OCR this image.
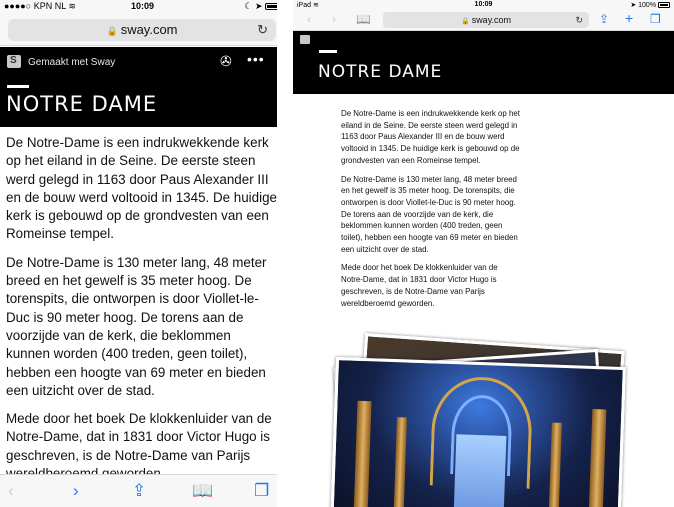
●●●●○ KPN NL ≋	10:09	☾ ➤
🔒 sway.com	↻
S
Gemaakt met Sway	✇ •••
NOTRE DAME

De Notre-Dame is een indrukwekkende kerk op het eiland in de Seine. De eerste steen werd gelegd in 1163 door Paus Alexander III en de bouw werd voltooid in 1345. De huidige kerk is gebouwd op de grondvesten van een Romeinse tempel.

De Notre-Dame is 130 meter lang, 48 meter breed en het gewelf is 35 meter hoog. De torenspits, die ontworpen is door Viollet-le-Duc is 90 meter hoog. De torens aan de voorzijde van de kerk, die beklommen kunnen worden (400 treden, geen toilet), hebben een hoogte van 69 meter en bieden een uitzicht over de stad.

Mede door het boek De klokkenluider van de Notre-Dame, dat in 1831 door Victor Hugo is geschreven, is de Notre-Dame van Parijs

‹	›	⇪	📖 ❐
iPad ≋	10:09	➤ 100%
‹ › 📖	🔒 sway.com	↻ ⇪ + ❐
NOTRE DAME

De Notre-Dame is een indrukwekkende kerk op het eiland in de Seine. De eerste steen werd gelegd in 1163 door Paus Alexander III en de bouw werd voltooid in 1345. De huidige kerk is gebouwd op de grondvesten van een Romeinse tempel.

De Notre-Dame is 130 meter lang, 48 meter breed en het gewelf is 35 meter hoog. De torenspits, die ontworpen is door Viollet-le-Duc is 90 meter hoog. De torens aan de voorzijde van de kerk, die beklommen kunnen worden (400 treden, geen toilet), hebben een hoogte van 69 meter en bieden een uitzicht over de stad.

Mede door het boek De klokkenluider van de Notre-Dame, dat in 1831 door Victor Hugo is geschreven, is de Notre-Dame van Parijs wereldberoemd geworden.
